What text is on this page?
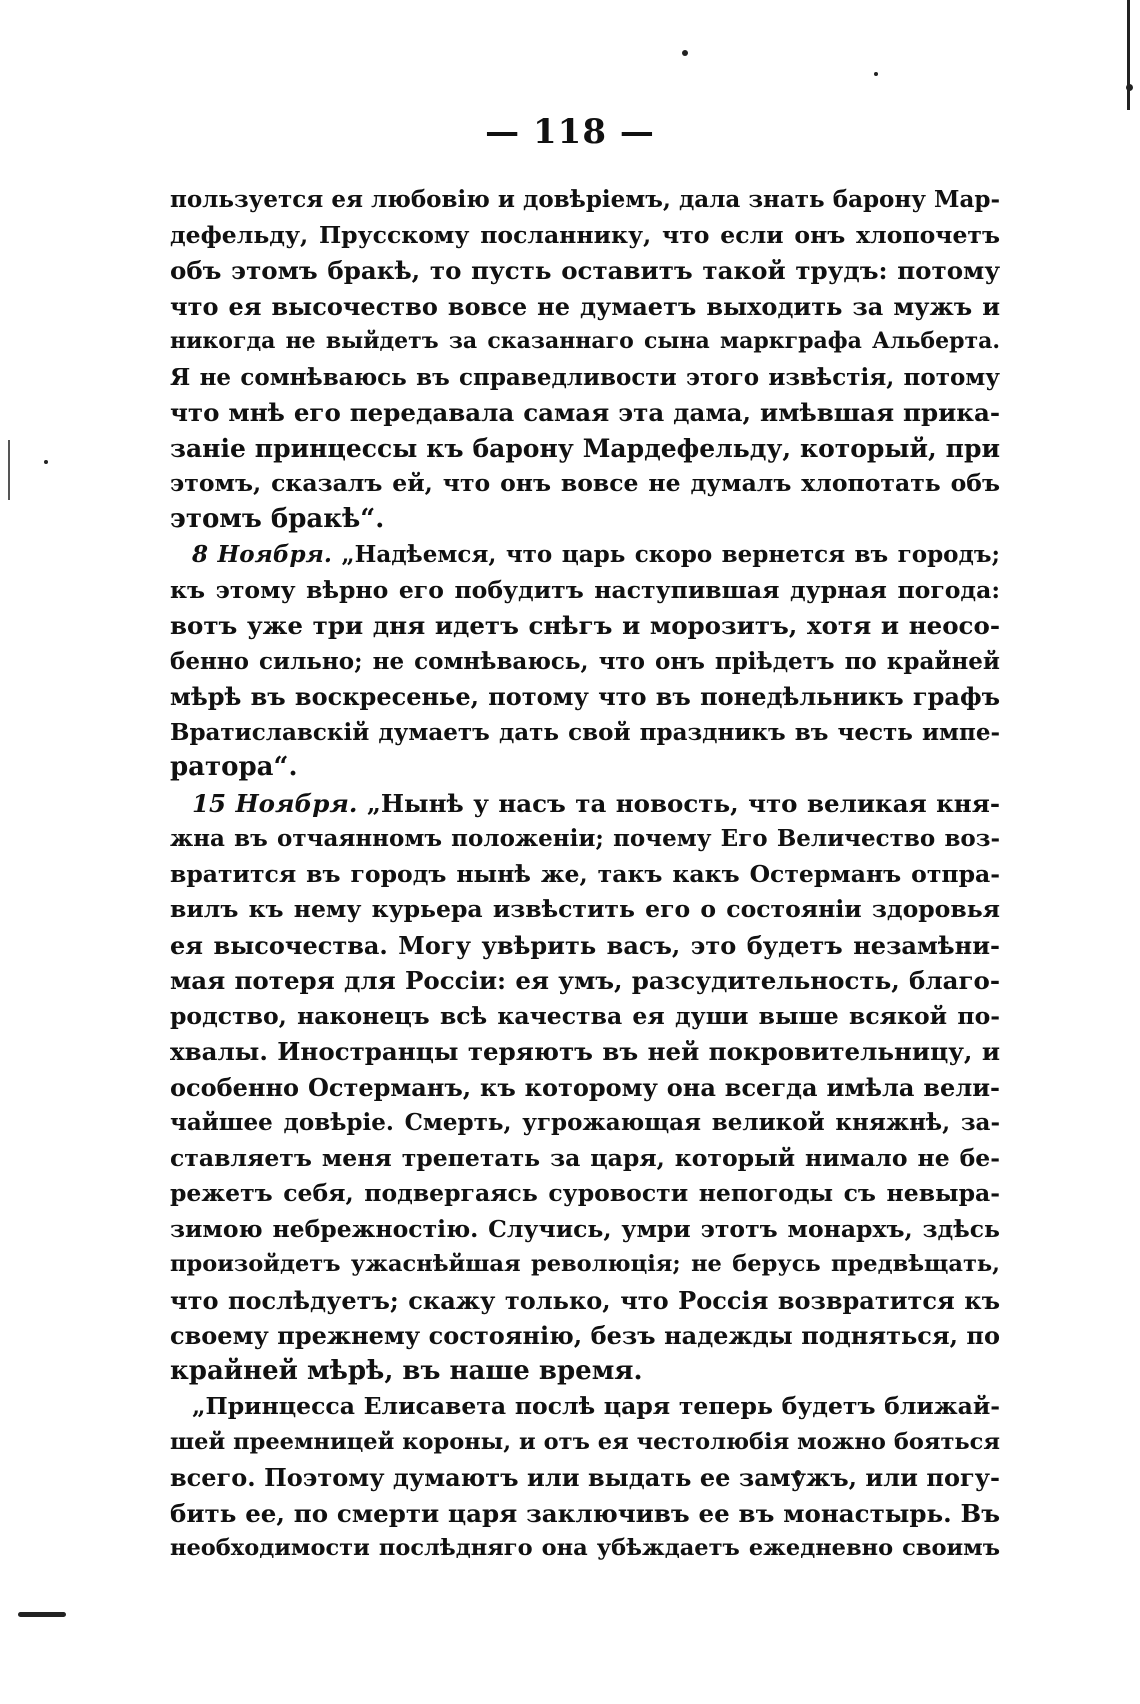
— 118 —
пользуется ея любовію и довѣріемъ, дала знать барону Мар-
дефельду, Прусскому посланнику, что если онъ хлопочетъ
объ этомъ бракѣ, то пусть оставитъ такой трудъ: потому
что ея высочество вовсе не думаетъ выходить за мужъ и
никогда не выйдетъ за сказаннаго сына маркграфа Альберта.
Я не сомнѣваюсь въ справедливости этого извѣстія, потому
что мнѣ его передавала самая эта дама, имѣвшая прика-
заніе принцессы къ барону Мардефельду, который, при
этомъ, сказалъ ей, что онъ вовсе не думалъ хлопотать объ
этомъ бракѣ“.
8 Ноября. „Надѣемся, что царь скоро вернется въ городъ;
къ этому вѣрно его побудитъ наступившая дурная погода:
вотъ уже три дня идетъ снѣгъ и морозитъ, хотя и неосо-
бенно сильно; не сомнѣваюсь, что онъ пріѣдетъ по крайней
мѣрѣ въ воскресенье, потому что въ понедѣльникъ графъ
Вратиславскій думаетъ дать свой праздникъ въ честь импе-
ратора“.
15 Ноября. „Нынѣ у насъ та новость, что великая кня-
жна въ отчаянномъ положеніи; почему Его Величество воз-
вратится въ городъ нынѣ же, такъ какъ Остерманъ отпра-
вилъ къ нему курьера извѣстить его о состояніи здоровья
ея высочества. Могу увѣрить васъ, это будетъ незамѣни-
мая потеря для Россіи: ея умъ, разсудительность, благо-
родство, наконецъ всѣ качества ея души выше всякой по-
хвалы. Иностранцы теряютъ въ ней покровительницу, и
особенно Остерманъ, къ которому она всегда имѣла вели-
чайшее довѣріе. Смерть, угрожающая великой княжнѣ, за-
ставляетъ меня трепетать за царя, который нимало не бе-
режетъ себя, подвергаясь суровости непогоды съ невыра-
зимою небрежностію. Случись, умри этотъ монархъ, здѣсь
произойдетъ ужаснѣйшая революція; не берусь предвѣщать,
что послѣдуетъ; скажу только, что Россія возвратится къ
своему прежнему состоянію, безъ надежды подняться, по
крайней мѣрѣ, въ наше время.
„Принцесса Елисавета послѣ царя теперь будетъ ближай-
шей преемницей короны, и отъ ея честолюбія можно бояться
всего. Поэтому думаютъ или выдать ее замужъ, или погу-
бить ее, по смерти царя заключивъ ее въ монастырь. Въ
необходимости послѣдняго она убѣждаетъ ежедневно своимъ
